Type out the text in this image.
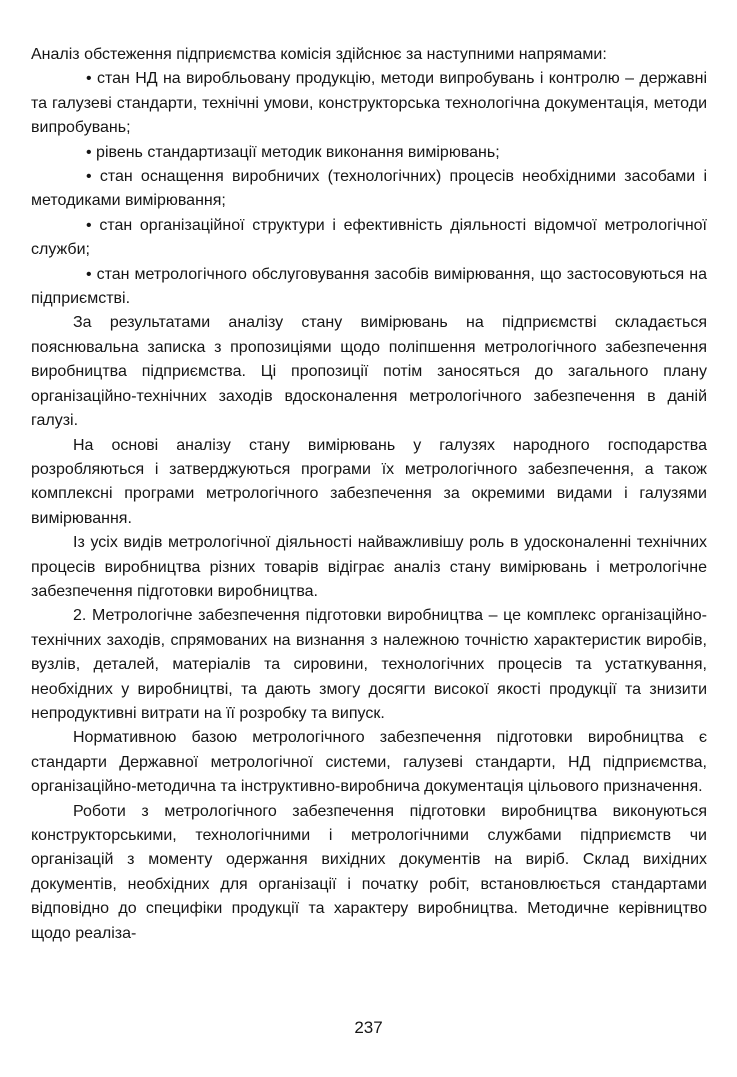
Аналіз обстеження підприємства комісія здійснює за наступними напрямами:

• стан НД на виробльовану продукцію, методи випробувань і контролю – державні та галузеві стандарти, технічні умови, конструкторська технологічна документація, методи випробувань;

• рівень стандартизації методик виконання вимірювань;

• стан оснащення виробничих (технологічних) процесів необхідними засобами і методиками вимірювання;

• стан організаційної структури і ефективність діяльності відомчої метрологічної служби;

• стан метрологічного обслуговування засобів вимірювання, що застосовуються на підприємстві.

За результатами аналізу стану вимірювань на підприємстві складається пояснювальна записка з пропозиціями щодо поліпшення метрологічного забезпечення виробництва підприємства. Ці пропозиції потім заносяться до загального плану організаційно-технічних заходів вдосконалення метрологічного забезпечення в даній галузі.

На основі аналізу стану вимірювань у галузях народного господарства розробляються і затверджуються програми їх метрологічного забезпечення, а також комплексні програми метрологічного забезпечення за окремими видами і галузями вимірювання.

Із усіх видів метрологічної діяльності найважливішу роль в удосконаленні технічних процесів виробництва різних товарів відіграє аналіз стану вимірювань і метрологічне забезпечення підготовки виробництва.

2. Метрологічне забезпечення підготовки виробництва – це комплекс організаційно-технічних заходів, спрямованих на визнання з належною точністю характеристик виробів, вузлів, деталей, матеріалів та сировини, технологічних процесів та устаткування, необхідних у виробництві, та дають змогу досягти високої якості продукції та знизити непродуктивні витрати на її розробку та випуск.

Нормативною базою метрологічного забезпечення підготовки виробництва є стандарти Державної метрологічної системи, галузеві стандарти, НД підприємства, організаційно-методична та інструктивно-виробнича документація цільового призначення.

Роботи з метрологічного забезпечення підготовки виробництва виконуються конструкторськими, технологічними і метрологічними службами підприємств чи організацій з моменту одержання вихідних документів на виріб. Склад вихідних документів, необхідних для організації і початку робіт, встановлюється стандартами відповідно до специфіки продукції та характеру виробництва. Методичне керівництво щодо реаліза-

237
